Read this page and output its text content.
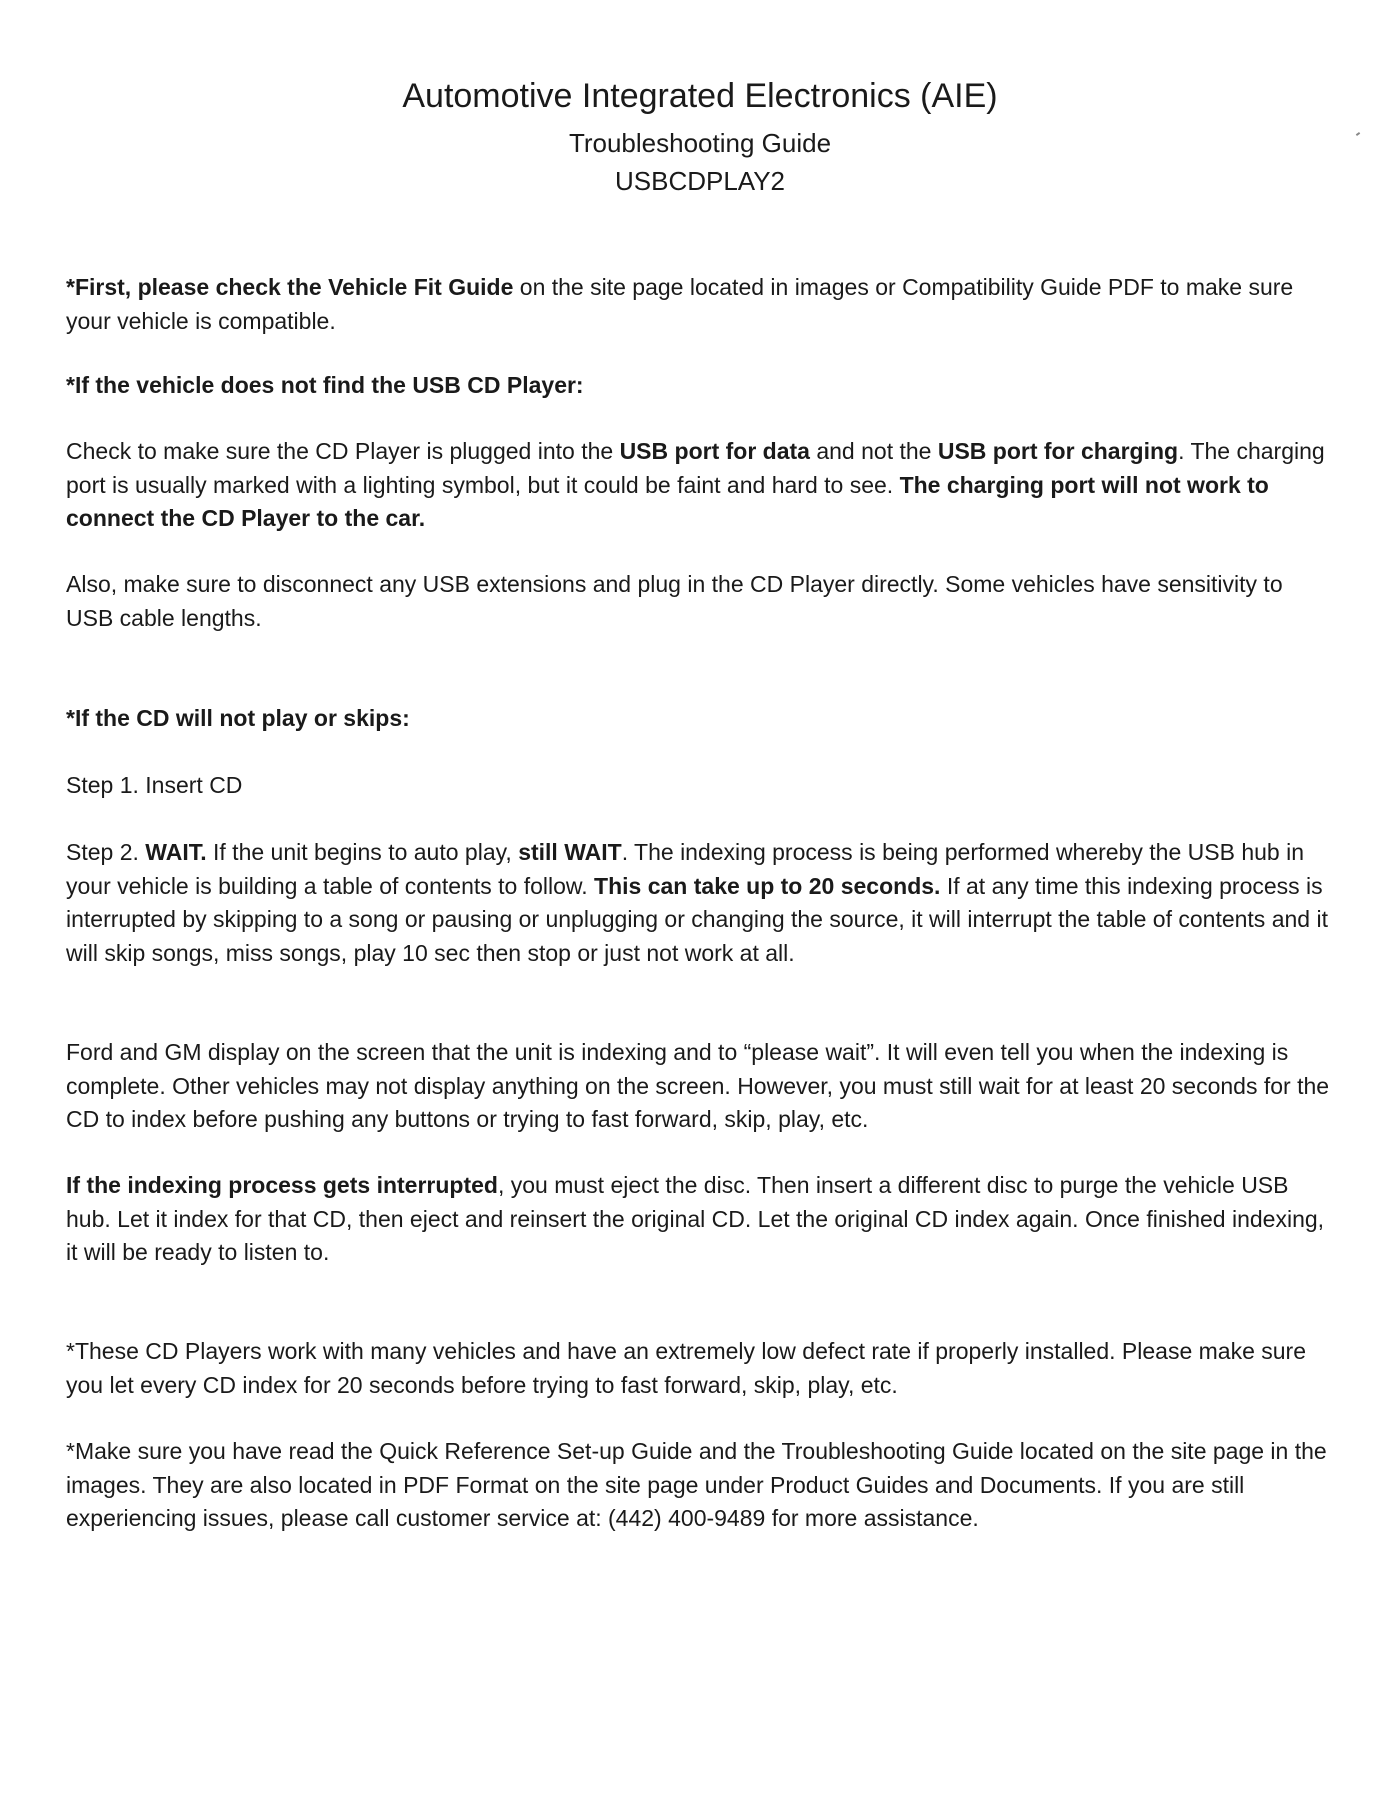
Automotive Integrated Electronics (AIE)
Troubleshooting Guide
USBCDPLAY2

*First, please check the Vehicle Fit Guide on the site page located in images or Compatibility Guide PDF to make sure your vehicle is compatible.

*If the vehicle does not find the USB CD Player:

Check to make sure the CD Player is plugged into the USB port for data and not the USB port for charging. The charging port is usually marked with a lighting symbol, but it could be faint and hard to see. The charging port will not work to connect the CD Player to the car.

Also, make sure to disconnect any USB extensions and plug in the CD Player directly. Some vehicles have sensitivity to USB cable lengths.

*If the CD will not play or skips:

Step 1. Insert CD

Step 2. WAIT. If the unit begins to auto play, still WAIT. The indexing process is being performed whereby the USB hub in your vehicle is building a table of contents to follow. This can take up to 20 seconds. If at any time this indexing process is interrupted by skipping to a song or pausing or unplugging or changing the source, it will interrupt the table of contents and it will skip songs, miss songs, play 10 sec then stop or just not work at all.

Ford and GM display on the screen that the unit is indexing and to “please wait”. It will even tell you when the indexing is complete. Other vehicles may not display anything on the screen. However, you must still wait for at least 20 seconds for the CD to index before pushing any buttons or trying to fast forward, skip, play, etc.

If the indexing process gets interrupted, you must eject the disc. Then insert a different disc to purge the vehicle USB hub. Let it index for that CD, then eject and reinsert the original CD. Let the original CD index again. Once finished indexing, it will be ready to listen to.

*These CD Players work with many vehicles and have an extremely low defect rate if properly installed. Please make sure you let every CD index for 20 seconds before trying to fast forward, skip, play, etc.

*Make sure you have read the Quick Reference Set-up Guide and the Troubleshooting Guide located on the site page in the images. They are also located in PDF Format on the site page under Product Guides and Documents. If you are still experiencing issues, please call customer service at: (442) 400-9489 for more assistance.
